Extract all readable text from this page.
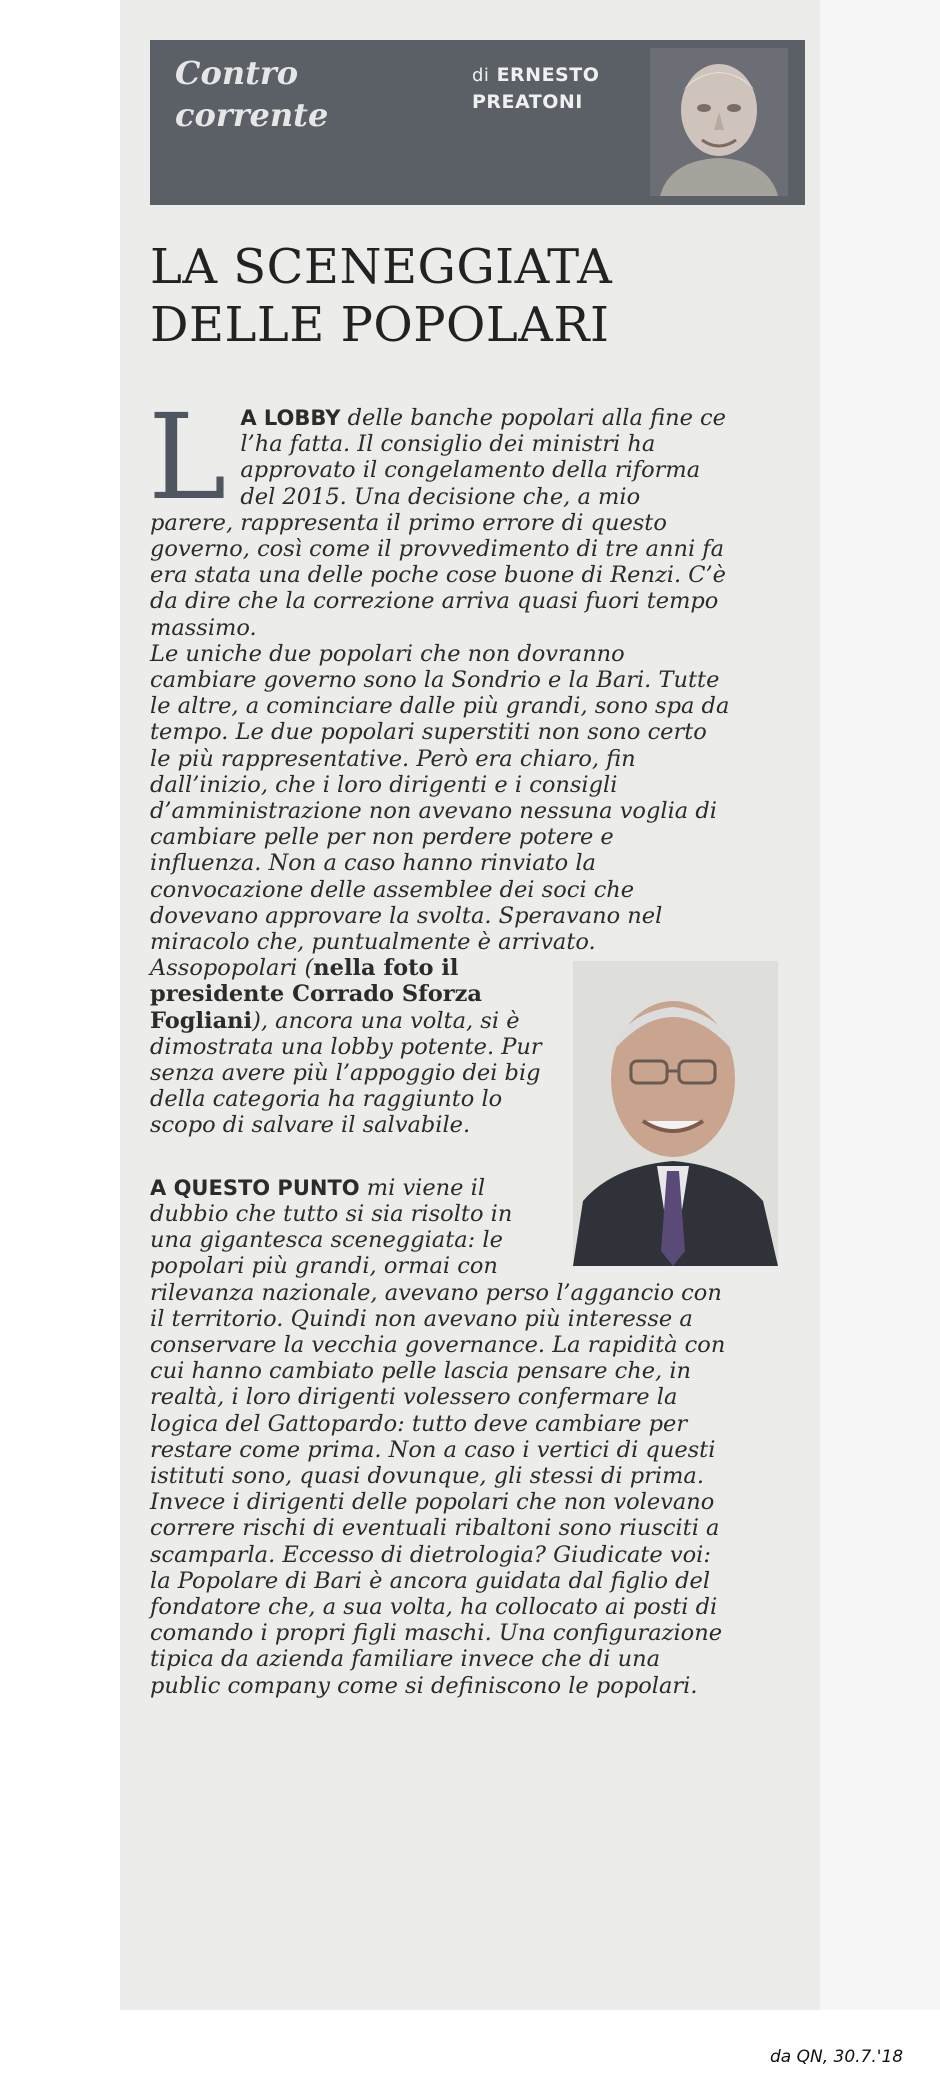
Contro
corrente
di ERNESTO
PREATONI
LA SCENEGGIATA
DELLE POPOLARI

L A LOBBY delle banche popolari alla fine ce l’ha fatta. Il consiglio dei ministri ha approvato il congelamento della riforma del 2015. Una decisione che, a mio parere, rappresenta il primo errore di questo governo, così come il provvedimento di tre anni fa era stata una delle poche cose buone di Renzi. C’è da dire che la correzione arriva quasi fuori tempo massimo.

Le uniche due popolari che non dovranno cambiare governo sono la Sondrio e la Bari. Tutte le altre, a cominciare dalle più grandi, sono spa da tempo. Le due popolari superstiti non sono certo le più rappresentative. Però era chiaro, fin dall’inizio, che i loro dirigenti e i consigli d’amministrazione non avevano nessuna voglia di cambiare pelle per non perdere potere e influenza. Non a caso hanno rinviato la convocazione delle assemblee dei soci che dovevano approvare la svolta. Speravano nel miracolo che, puntualmente è arrivato.

Assopopolari (nella foto il presidente Corrado Sforza Fogliani), ancora una volta, si è dimostrata una lobby potente. Pur senza avere più l’appoggio dei big della categoria ha raggiunto lo scopo di salvare il salvabile.

A QUESTO PUNTO mi viene il dubbio che tutto si sia risolto in una gigantesca sceneggiata: le popolari più grandi, ormai con rilevanza nazionale, avevano perso l’aggancio con il territorio. Quindi non avevano più interesse a conservare la vecchia governance. La rapidità con cui hanno cambiato pelle lascia pensare che, in realtà, i loro dirigenti volessero confermare la logica del Gattopardo: tutto deve cambiare per restare come prima. Non a caso i vertici di questi istituti sono, quasi dovunque, gli stessi di prima. Invece i dirigenti delle popolari che non volevano correre rischi di eventuali ribaltoni sono riusciti a scamparla. Eccesso di dietrologia? Giudicate voi: la Popolare di Bari è ancora guidata dal figlio del fondatore che, a sua volta, ha collocato ai posti di comando i propri figli maschi. Una configurazione tipica da azienda familiare invece che di una public company come si definiscono le popolari.

da QN, 30.7.'18
